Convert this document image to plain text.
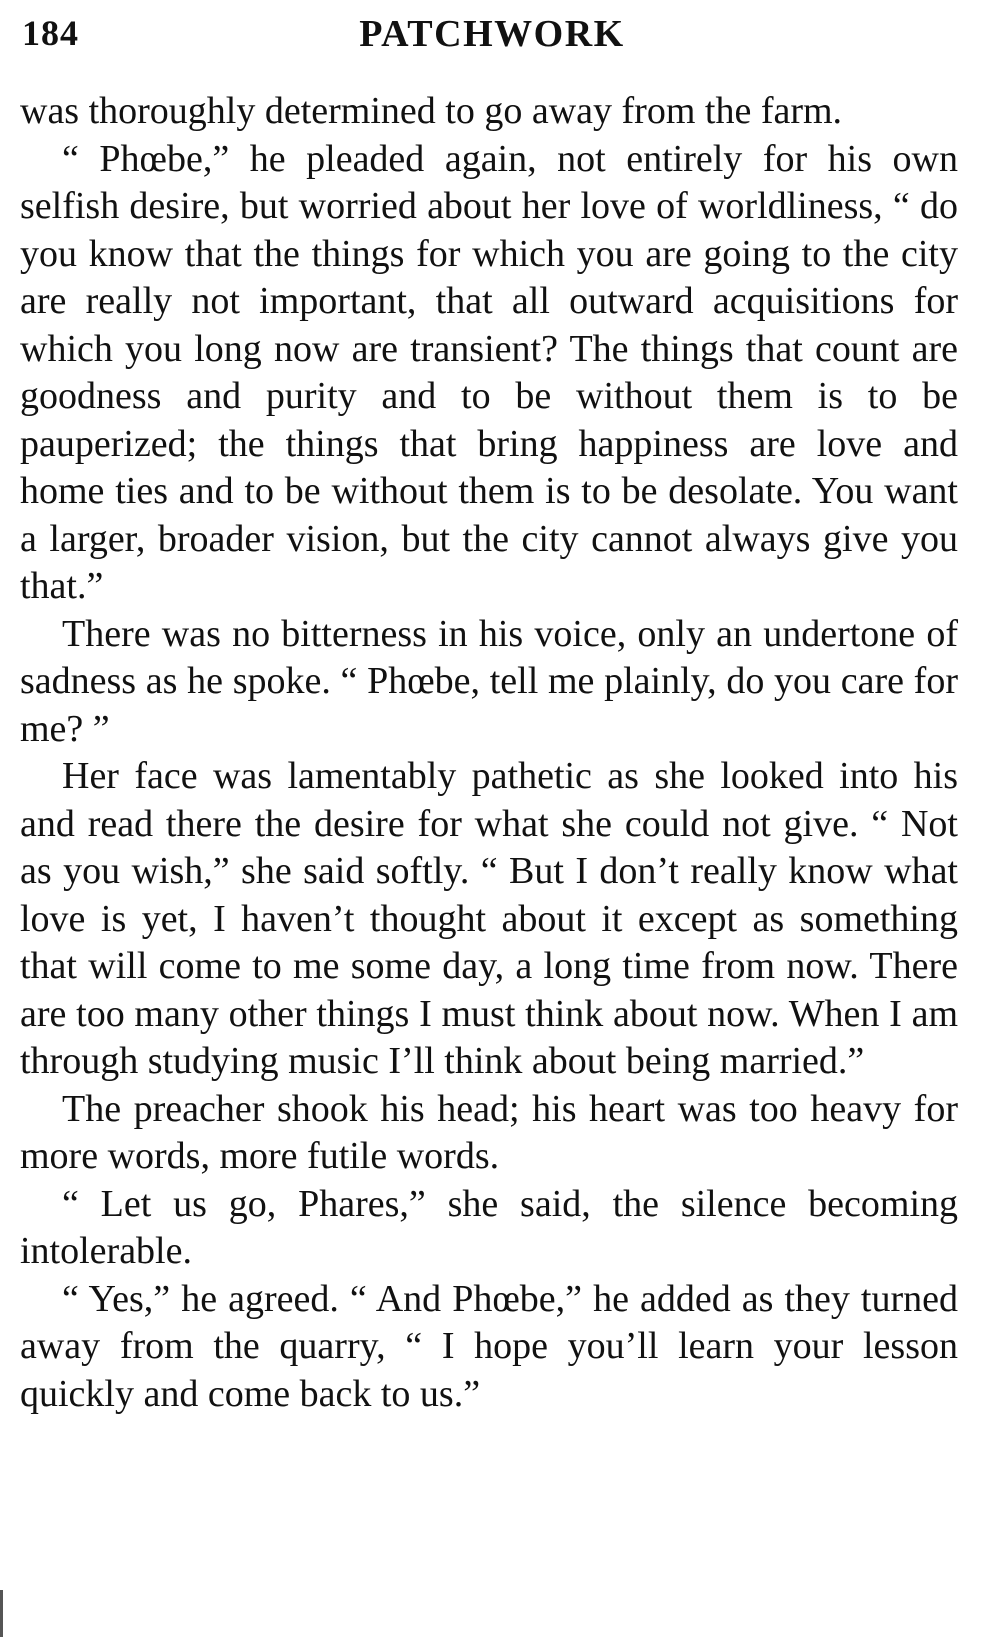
184	PATCHWORK

was thoroughly determined to go away from the farm.

“ Phœbe,” he pleaded again, not entirely for his own selfish desire, but worried about her love of worldliness, “ do you know that the things for which you are going to the city are really not important, that all outward acquisitions for which you long now are transient? The things that count are goodness and purity and to be without them is to be pauperized; the things that bring happiness are love and home ties and to be without them is to be desolate. You want a larger, broader vision, but the city cannot always give you that.”

There was no bitterness in his voice, only an undertone of sadness as he spoke. “ Phœbe, tell me plainly, do you care for me? ”

Her face was lamentably pathetic as she looked into his and read there the desire for what she could not give. “ Not as you wish,” she said softly. “ But I don’t really know what love is yet, I haven’t thought about it except as something that will come to me some day, a long time from now. There are too many other things I must think about now. When I am through studying music I’ll think about being married.”

The preacher shook his head; his heart was too heavy for more words, more futile words.

“ Let us go, Phares,” she said, the silence becoming intolerable.

“ Yes,” he agreed. “ And Phœbe,” he added as they turned away from the quarry, “ I hope you’ll learn your lesson quickly and come back to us.”
